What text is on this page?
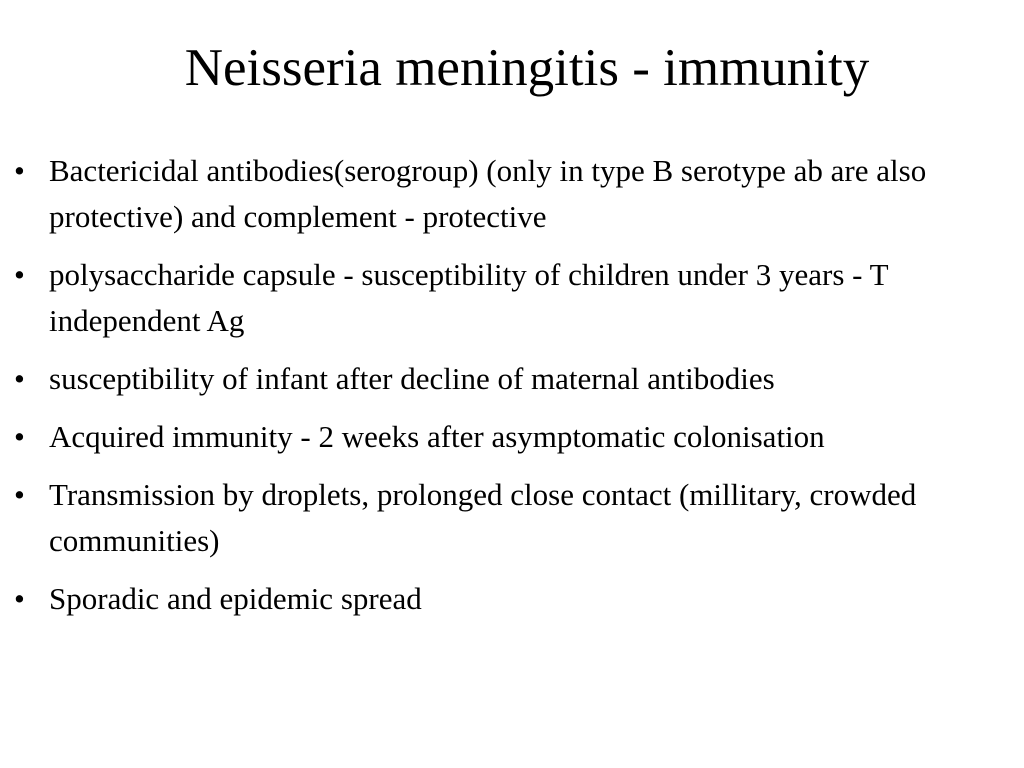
Neisseria meningitis - immunity
• Bactericidal antibodies(serogroup) (only in type B serotype ab are also protective) and complement - protective
• polysaccharide capsule - susceptibility of children under 3 years - T independent Ag
• susceptibility of infant after decline of maternal antibodies
• Acquired immunity - 2 weeks after asymptomatic colonisation
• Transmission by droplets, prolonged close contact (millitary, crowded communities)
• Sporadic and epidemic spread
